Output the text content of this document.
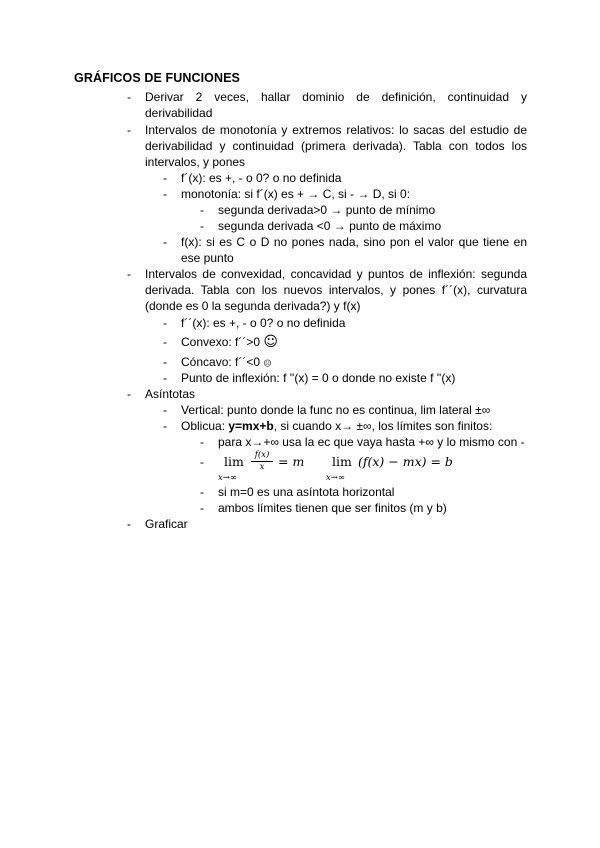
GRÁFICOS DE FUNCIONES
-	Derivar 2 veces, hallar dominio de definición, continuidad y derivabilidad
-	Intervalos de monotonía y extremos relativos: lo sacas del estudio de derivabilidad y continuidad (primera derivada). Tabla con todos los intervalos, y pones
-	f´(x): es +, - o 0? o no definida
-	monotonía: si f´(x) es + → C, si - → D, si 0:
-	segunda derivada>0 → punto de mínimo
-	segunda derivada <0 → punto de máximo
-	f(x): si es C o D no pones nada, sino pon el valor que tiene en ese punto
-	Intervalos de convexidad, concavidad y puntos de inflexión: segunda derivada. Tabla con los nuevos intervalos, y pones f´´(x), curvatura (donde es 0 la segunda derivada?) y f(x)
-	f´´(x): es +, - o 0? o no definida
-	Convexo: f´´>0 ☺
-	Cóncavo: f´´<0 ☹
-	Punto de inflexión: f ''(x) = 0 o donde no existe f ''(x)
-	Asíntotas
-	Vertical: punto donde la func no es continua, lim lateral ±∞
-	Oblicua: y=mx+b, si cuando x→ ±∞, los límites son finitos:
-	para x→+∞ usa la ec que vaya hasta +∞ y lo mismo con -
-	lim
x→∞
f(x)
x	= m lim
x→∞
(f(x) − mx) = b
-	si m=0 es una asíntota horizontal
-	ambos límites tienen que ser finitos (m y b)
-	Graficar
